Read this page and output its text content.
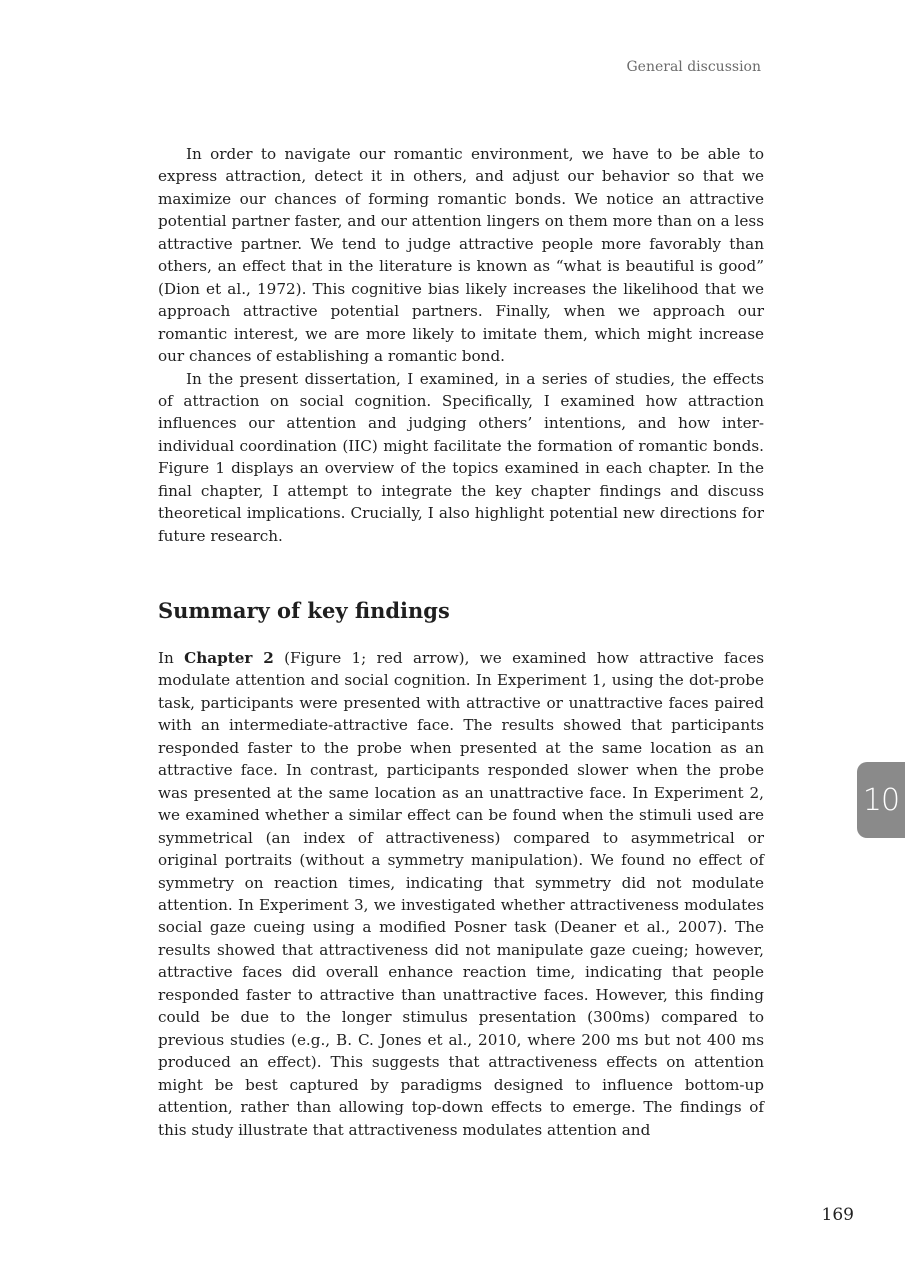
General discussion

In order to navigate our romantic environment, we have to be able to express attraction, detect it in others, and adjust our behavior so that we maximize our chances of forming romantic bonds. We notice an attractive potential partner faster, and our attention lingers on them more than on a less attractive partner. We tend to judge attractive people more favorably than others, an effect that in the literature is known as “what is beautiful is good” (Dion et al., 1972). This cognitive bias likely increases the likelihood that we approach attractive potential partners. Finally, when we approach our romantic interest, we are more likely to imitate them, which might increase our chances of establishing a romantic bond.

In the present dissertation, I examined, in a series of studies, the effects of attraction on social cognition. Specifically, I examined how attraction influences our attention and judging others’ intentions, and how inter-individual coordination (IIC) might facilitate the formation of romantic bonds. Figure 1 displays an overview of the topics examined in each chapter. In the final chapter, I attempt to integrate the key chapter findings and discuss theoretical implications. Crucially, I also highlight potential new directions for future research.

Summary of key findings

In Chapter 2 (Figure 1; red arrow), we examined how attractive faces modulate attention and social cognition. In Experiment 1, using the dot-probe task, participants were presented with attractive or unattractive faces paired with an intermediate-attractive face. The results showed that participants responded faster to the probe when presented at the same location as an attractive face. In contrast, participants responded slower when the probe was presented at the same location as an unattractive face. In Experiment 2, we examined whether a similar effect can be found when the stimuli used are symmetrical (an index of attractiveness) compared to asymmetrical or original portraits (without a symmetry manipulation). We found no effect of symmetry on reaction times, indicating that symmetry did not modulate attention. In Experiment 3, we investigated whether attractiveness modulates social gaze cueing using a modified Posner task (Deaner et al., 2007). The results showed that attractiveness did not manipulate gaze cueing; however, attractive faces did overall enhance reaction time, indicating that people responded faster to attractive than unattractive faces. However, this finding could be due to the longer stimulus presentation (300ms) compared to previous studies (e.g., B. C. Jones et al., 2010, where 200 ms but not 400 ms produced an effect). This suggests that attractiveness effects on attention might be best captured by paradigms designed to influence bottom-up attention, rather than allowing top-down effects to emerge. The findings of this study illustrate that attractiveness modulates attention and

10
169
